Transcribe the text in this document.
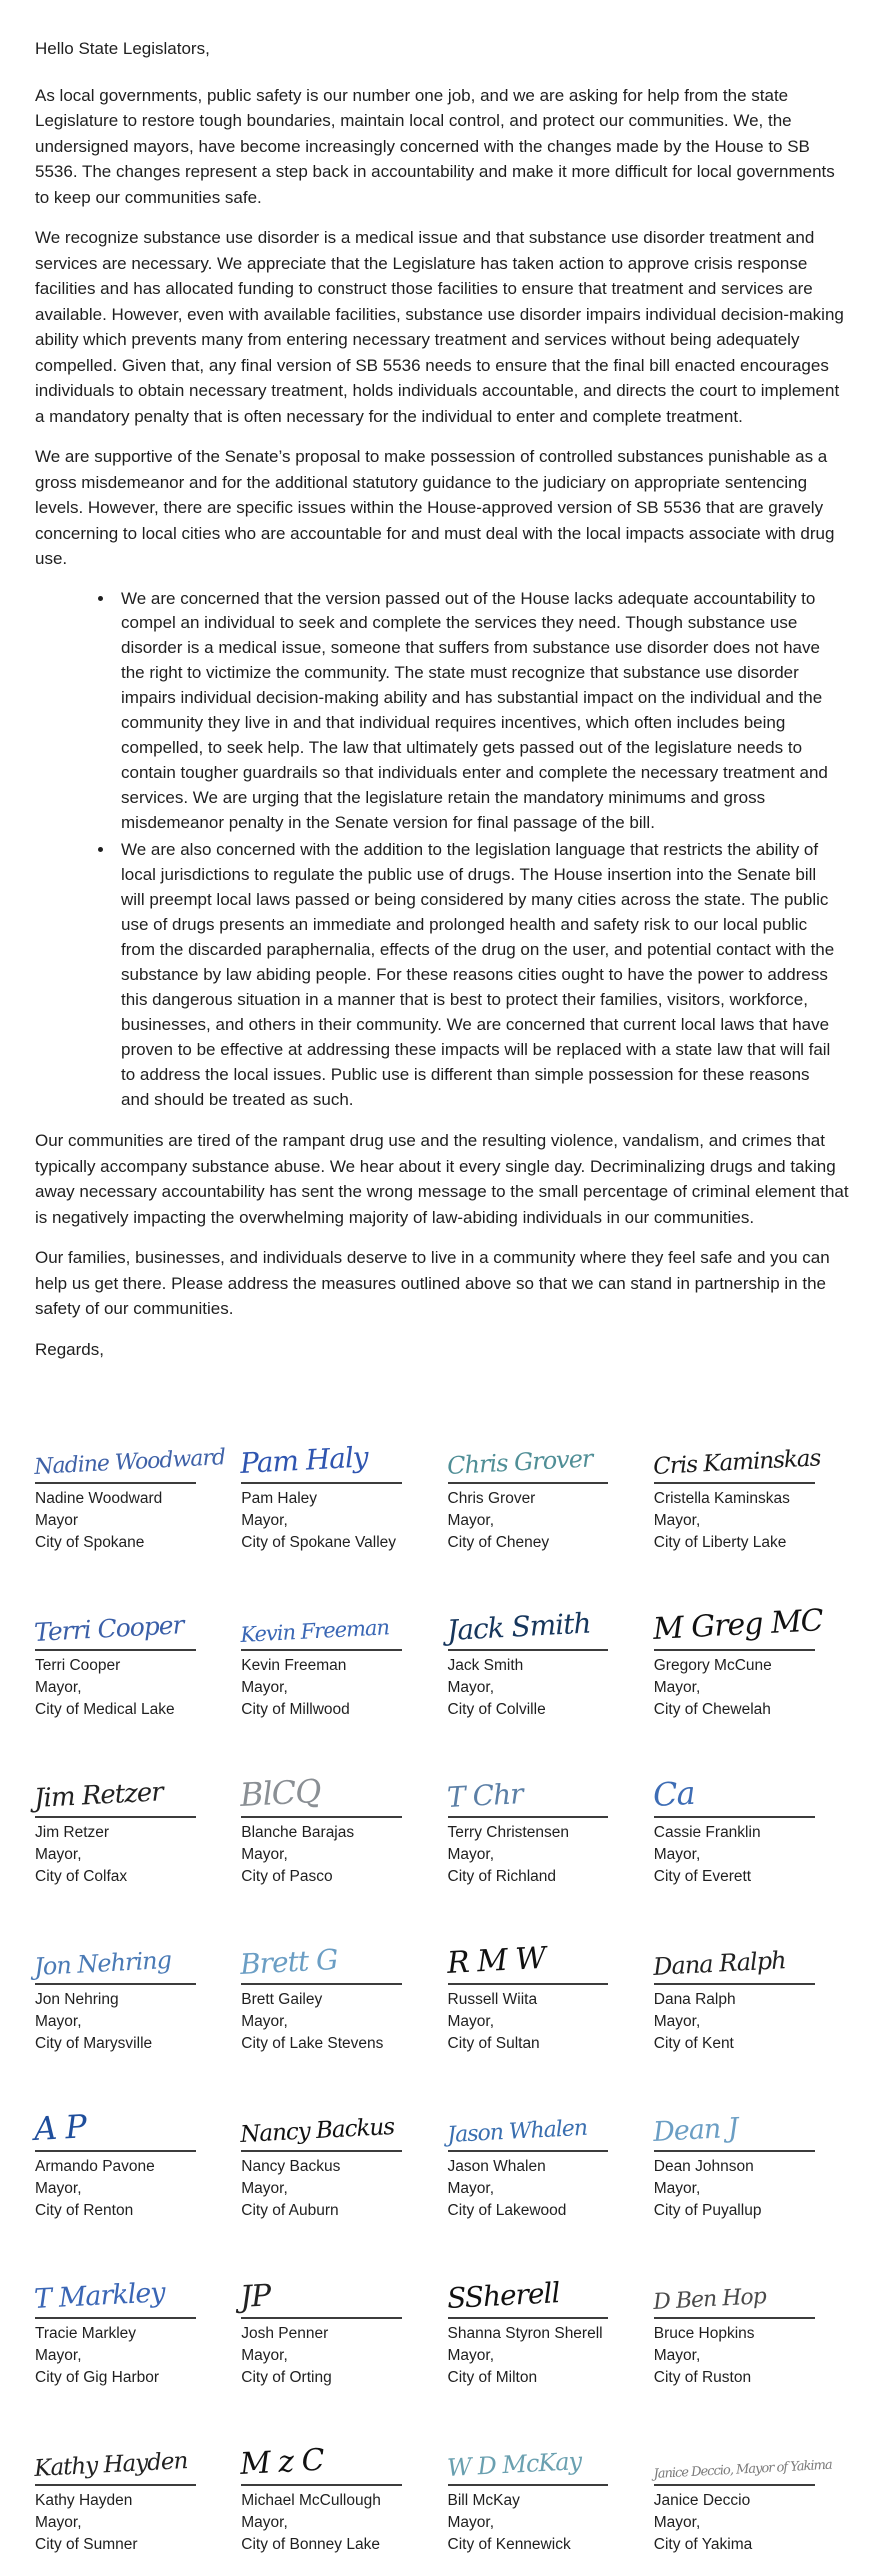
Hello State Legislators,

As local governments, public safety is our number one job, and we are asking for help from the state Legislature to restore tough boundaries, maintain local control, and protect our communities. We, the undersigned mayors, have become increasingly concerned with the changes made by the House to SB 5536. The changes represent a step back in accountability and make it more difficult for local governments to keep our communities safe.

We recognize substance use disorder is a medical issue and that substance use disorder treatment and services are necessary. We appreciate that the Legislature has taken action to approve crisis response facilities and has allocated funding to construct those facilities to ensure that treatment and services are available. However, even with available facilities, substance use disorder impairs individual decision-making ability which prevents many from entering necessary treatment and services without being adequately compelled. Given that, any final version of SB 5536 needs to ensure that the final bill enacted encourages individuals to obtain necessary treatment, holds individuals accountable, and directs the court to implement a mandatory penalty that is often necessary for the individual to enter and complete treatment.

We are supportive of the Senate’s proposal to make possession of controlled substances punishable as a gross misdemeanor and for the additional statutory guidance to the judiciary on appropriate sentencing levels. However, there are specific issues within the House-approved version of SB 5536 that are gravely concerning to local cities who are accountable for and must deal with the local impacts associate with drug use.

• We are concerned that the version passed out of the House lacks adequate accountability to compel an individual to seek and complete the services they need. Though substance use disorder is a medical issue, someone that suffers from substance use disorder does not have the right to victimize the community. The state must recognize that substance use disorder impairs individual decision-making ability and has substantial impact on the individual and the community they live in and that individual requires incentives, which often includes being compelled, to seek help. The law that ultimately gets passed out of the legislature needs to contain tougher guardrails so that individuals enter and complete the necessary treatment and services. We are urging that the legislature retain the mandatory minimums and gross misdemeanor penalty in the Senate version for final passage of the bill.
• We are also concerned with the addition to the legislation language that restricts the ability of local jurisdictions to regulate the public use of drugs. The House insertion into the Senate bill will preempt local laws passed or being considered by many cities across the state. The public use of drugs presents an immediate and prolonged health and safety risk to our local public from the discarded paraphernalia, effects of the drug on the user, and potential contact with the substance by law abiding people. For these reasons cities ought to have the power to address this dangerous situation in a manner that is best to protect their families, visitors, workforce, businesses, and others in their community. We are concerned that current local laws that have proven to be effective at addressing these impacts will be replaced with a state law that will fail to address the local issues. Public use is different than simple possession for these reasons and should be treated as such.

Our communities are tired of the rampant drug use and the resulting violence, vandalism, and crimes that typically accompany substance abuse. We hear about it every single day. Decriminalizing drugs and taking away necessary accountability has sent the wrong message to the small percentage of criminal element that is negatively impacting the overwhelming majority of law-abiding individuals in our communities.

Our families, businesses, and individuals deserve to live in a community where they feel safe and you can help us get there. Please address the measures outlined above so that we can stand in partnership in the safety of our communities.

Regards,

Nadine Woodward
Nadine Woodward
Mayor
City of Spokane
Pam Haly
Pam Haley
Mayor,
City of Spokane Valley
Chris Grover
Chris Grover
Mayor,
City of Cheney
Cris Kaminskas
Cristella Kaminskas
Mayor,
City of Liberty Lake
Terri Cooper
Terri Cooper
Mayor,
City of Medical Lake
Kevin Freeman
Kevin Freeman
Mayor,
City of Millwood
Jack Smith
Jack Smith
Mayor,
City of Colville
M Greg MC
Gregory McCune
Mayor,
City of Chewelah
Jim Retzer
Jim Retzer
Mayor,
City of Colfax
BlCQ
Blanche Barajas
Mayor,
City of Pasco
T Chr
Terry Christensen
Mayor,
City of Richland
Ca
Cassie Franklin
Mayor,
City of Everett
Jon Nehring
Jon Nehring
Mayor,
City of Marysville
Brett G
Brett Gailey
Mayor,
City of Lake Stevens
R M W
Russell Wiita
Mayor,
City of Sultan
Dana Ralph
Dana Ralph
Mayor,
City of Kent
A P
Armando Pavone
Mayor,
City of Renton
Nancy Backus
Nancy Backus
Mayor,
City of Auburn
Jason Whalen
Jason Whalen
Mayor,
City of Lakewood
Dean J
Dean Johnson
Mayor,
City of Puyallup
T Markley
Tracie Markley
Mayor,
City of Gig Harbor
JP
Josh Penner
Mayor,
City of Orting
SSherell
Shanna Styron Sherell
Mayor,
City of Milton
D Ben Hop
Bruce Hopkins
Mayor,
City of Ruston
Kathy Hayden
Kathy Hayden
Mayor,
City of Sumner
M z C
Michael McCullough
Mayor,
City of Bonney Lake
W D McKay
Bill McKay
Mayor,
City of Kennewick
Janice Deccio, Mayor of Yakima
Janice Deccio
Mayor,
City of Yakima
